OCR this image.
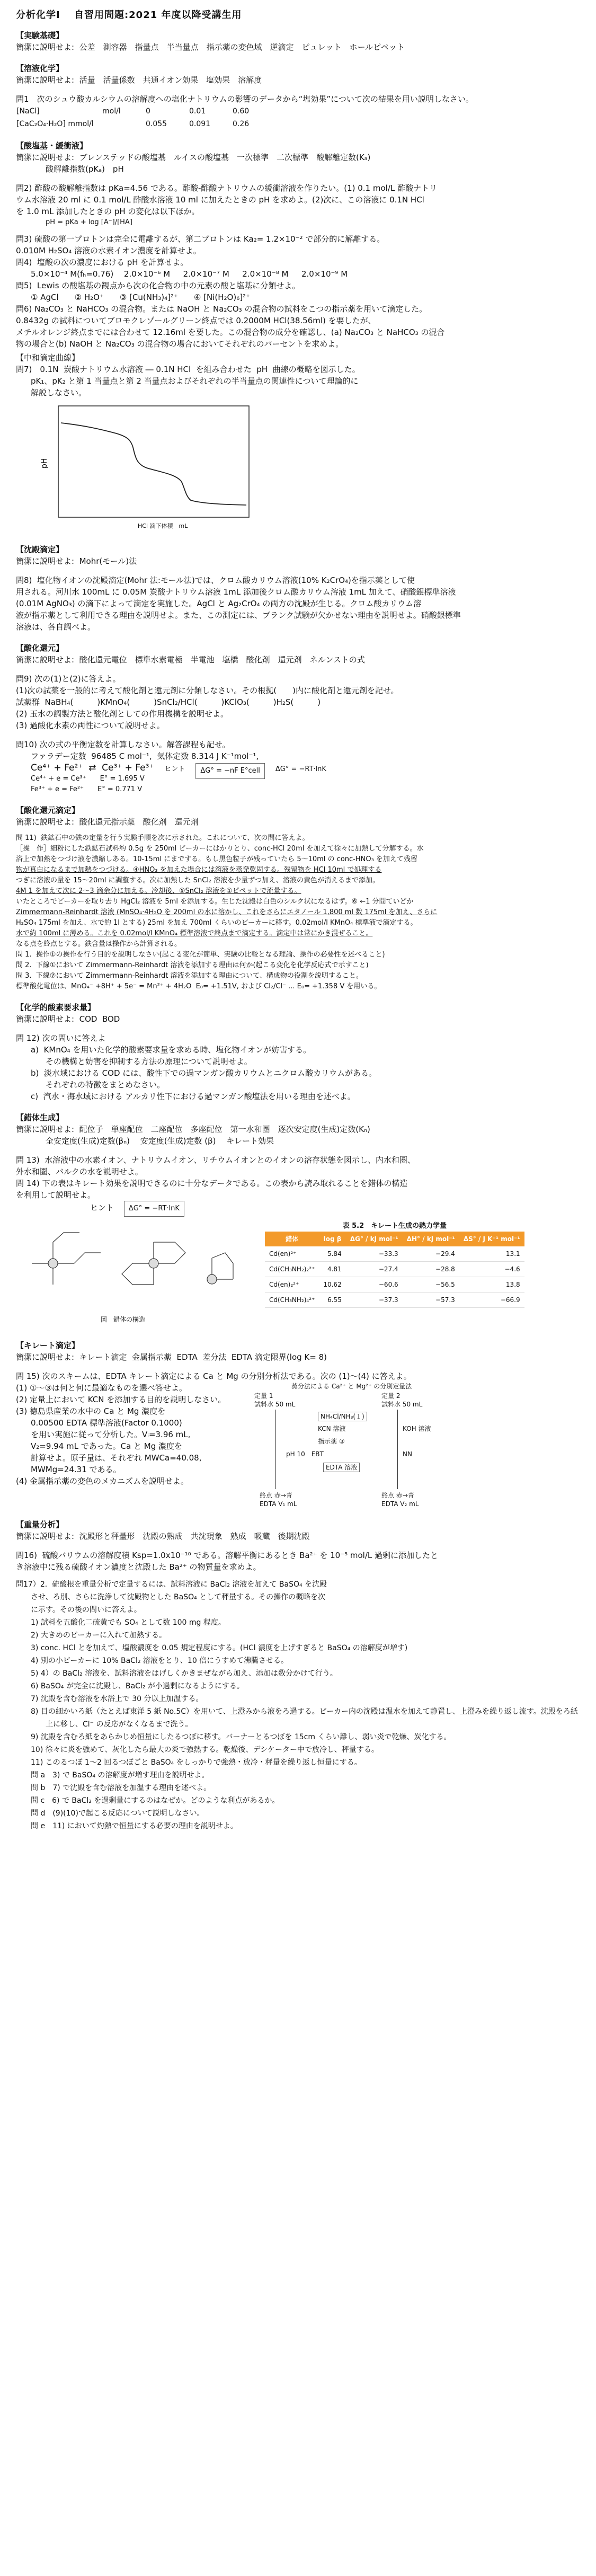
分析化学Ⅰ　 自習用問題:2021 年度以降受講生用
【実験基礎】
簡潔に説明せよ:  公差　測容器　指量点　半当量点　指示薬の変色域　逆滴定　ピュレット　ホールピペット
【溶液化学】
簡潔に説明せよ:  活量　活量係数　共通イオン効果　塩効果　溶解度
問1　次のシュウ酸カルシウムの溶解度への塩化ナトリウムの影響のデータから“塩効果”について次の結果を用い説明しなさい。
[NaCl]	mol/l	0	0.01	0.60
[CaC₂O₄·H₂O] mmol/l		0.055	0.091	0.26
【酸塩基・緩衝液】
簡潔に説明せよ:  ブレンステッドの酸塩基　ルイスの酸塩基　一次標準　二次標準　酸解離定数(Kₐ)
酸解離指数(pKₐ)　pH
問2) 酢酸の酸解離指数は pKa=4.56 である。酢酸-酢酸ナトリウムの緩衝溶液を作りたい。(1) 0.1 mol/L 酢酸ナトリ
ウム水溶液 20 ml に 0.1 mol/L 酢酸水溶液 10 ml に加えたときの pH を求めよ。(2)次に、この溶液に 0.1N HCl
を 1.0 mL 添加したときの pH の変化は以下ほか。
pH = pKa + log [A⁻]/[HA]
問3) 硫酸の第一プロトンは完全に電離するが、第二プロトンは Ka₂= 1.2×10⁻² で部分的に解離する。
0.010M H₂SO₄ 溶液の水素イオン濃度を計算せよ。
問4)  塩酸の次の濃度における pH を計算せよ。
5.0×10⁻⁴ M(fₕ=0.76)　 2.0×10⁻⁶ M 　 2.0×10⁻⁷ M 　 2.0×10⁻⁸ M 　 2.0×10⁻⁹ M
問5)  Lewis の酸塩基の観点から次の化合物の中の元素の酸と塩基に分類せよ。
① AgCl　　② H₂O⁺　　③ [Cu(NH₃)₄]²⁺　　④ [Ni(H₂O)₆]²⁺
問6) Na₂CO₃ と NaHCO₃ の混合物。または NaOH と Na₂CO₃ の混合物の試料をこつの指示薬を用いて滴定した。
0.8432g の試料についてブロモクレゾールグリーン終点では 0.2000M HCl(38.56ml) を要したが、
メチルオレンジ終点までには合わせて 12.16ml を要した。この混合物の成分を確認し、(a) Na₂CO₃ と NaHCO₃ の混合
物の場合と(b) NaOH と Na₂CO₃ の混合物の場合においてそれぞれのパーセントを求めよ。
【中和滴定曲線】
問7)　0.1N  炭酸ナトリウム水溶液 ― 0.1N HCl  を組み合わせた  pH  曲線の概略を図示した。
pK₁、pK₂ と第 1 当量点と第 2 当量点およびそれぞれの半当量点の関連性について理論的に
解説しなさい。
pH
HCl 滴下体積　mL
【沈殿滴定】
簡潔に説明せよ:  Mohr(モール)法
問8)  塩化物イオンの沈殿滴定(Mohr 法:モール法)では、クロム酸カリウム溶液(10% K₂CrO₄)を指示薬として使
用される。河川水 100mL に 0.05M 炭酸ナトリウム溶液 1mL 添加後クロム酸カリウム溶液 1mL 加えて、硝酸銀標準溶液
(0.01M AgNO₃) の滴下によって滴定を実施した。AgCl と Ag₂CrO₄ の両方の沈殿が生じる。クロム酸カリウム溶
液が指示薬として利用できる理由を説明せよ。また、この測定には、ブランク試験が欠かせない理由を説明せよ。硝酸銀標準
溶液は、各自調べよ。
【酸化還元】
簡潔に説明せよ:  酸化還元電位　標準水素電極　半電池　塩橋　酸化剤　還元剤　ネルンストの式
問9) 次の(1)と(2)に答えよ。
(1)次の試薬を一般的に考えて酸化剤と還元剤に分類しなさい。その根拠(　　)内に酸化剤と還元剤を記せ。
試薬群  NaBH₄(　　　)KMnO₄(　　　)SnCl₂/HCl(　　　)KClO₃(　　　)H₂S(　　　)
(2) 玉水の調製方法と酸化剤としての作用機構を説明せよ。
(3) 過酸化水素の両性について説明せよ。
問10) 次の式の平衡定数を計算しなさい。解答課程も記せ。
ファラデー定数  96485 C mol⁻¹,  気体定数 8.314 J K⁻¹mol⁻¹,
Ce⁴⁺ + Fe²⁺  ⇄  Ce³⁺ + Fe³⁺
Ce⁴⁺ + e = Ce³⁺　　E° = 1.695 V
Fe³⁺ + e = Fe²⁺　　E° = 0.771 V
ヒント	ΔG° = −nF E°cell	ΔG° = −RT·lnK
【酸化還元滴定】
簡潔に説明せよ:  酸化還元指示薬　酸化剤　還元剤
問 11)  鉄鉱石中の鉄の定量を行う実験手順を次に示された。これについて、次の問に答えよ。
［操　作］細粉にした鉄鉱石試料約 0.5g を 250ml ビーカーにはかりとり、conc-HCl 20ml を加えて徐々に加熱して分解する。水
浴上で加熱をつづけ液を濃縮しある。10-15ml にまでする。もし黒色粒子が残っていたら 5〜10ml の conc-HNO₃ を加えて残留
物が真白になるまで加熱をつづける。④HNO₃ を加えた場合には溶液を蒸発乾固する。残留物を HCl 10ml で処理する
つぎに溶液の量を 15〜20ml に調整する。次に加熱した SnCl₂ 溶液を少量ずつ加え、溶液の黄色が消えるまで添加。
4M 1 を加えて次に 2〜3 滴余分に加える。冷却後、⑤SnCl₂ 溶液を①ピペットで流量する。
いたところでビーカーを取り去り HgCl₂ 溶液を 5ml を添加する。生じた沈殿は白色のシルク状になるはず。⑥ ←1 分間ていどか
Zimmermann-Reinhardt 溶液 (MnSO₄·4H₂O を 200ml の水に溶かし、これをさらにエタノール 1,800 ml 数 175ml を加え、さらに
H₂SO₄ 175ml を加え、水で約 1l とする) 25ml を加え 700ml くらいのビーカーに移す。0.02mol/l KMnO₄ 標準液で滴定する。
水で約 100ml に薄める。これを 0.02mol/l KMnO₄ 標準溶液で終点まで滴定する。滴定中は常にかき混ぜること。
なる点を終点とする。鉄含量は操作から計算される。
問 1.  操作①の操作を行う目的を説明しなさい(起こる変化が簡単、実験の比較となる理論、操作の必要性を述べること)
問 2.  下線①において Zimmermann-Reinhardt 溶液を添加する理由は何か(起こる変化を化学反応式で示すこと)
問 3.  下線⑦において Zimmermann-Reinhardt 溶液を添加する理由について、構成物の役割を説明すること。
標準酸化電位は、MnO₄⁻ +8H⁺ + 5e⁻ = Mn²⁺ + 4H₂O  E₀= +1.51V, および Cl₂/Cl⁻ ... E₀= +1.358 V を用いる。
【化学的酸素要求量】
簡潔に説明せよ:  COD  BOD
問 12) 次の問いに答えよ
a)  KMnO₄ を用いた化学的酸素要求量を求める時、塩化物イオンが妨害する。
その機構と妨害を抑制する方法の原理について説明せよ。
b)  淡水域における COD には、酸性下での過マンガン酸カリウムとニクロム酸カリウムがある。
それぞれの特徴をまとめなさい。
c)  汽水・海水域における アルカリ性下における過マンガン酸塩法を用いる理由を述べよ。
【錯体生成】
簡潔に説明せよ:  配位子　単座配位　二座配位　多座配位　第一水和圏　逐次安定度(生成)定数(Kₙ)
全安定度(生成)定数(βₙ)　 安定度(生成)定数 (β)　 キレート効果
問 13)  水溶液中の水素イオン、ナトリウムイオン、リチウムイオンとのイオンの溶存状態を図示し、内水和圏、
外水和圏、バルクの水を説明せよ。
問 14) 下の表はキレート効果を説明できるのに十分なデータである。この表から読み取れることを錯体の構造
を利用して説明せよ。
ヒント ΔG° = −RT·lnK
図　錯体の構造
表 5.2　キレート生成の熱力学量
錯体	log β	ΔG° / kJ mol⁻¹	ΔH° / kJ mol⁻¹	ΔS° / J K⁻¹ mol⁻¹
Cd(en)²⁺	5.84	−33.3	−29.4	13.1
Cd(CH₃NH₂)₂²⁺	4.81	−27.4	−28.8	−4.6
Cd(en)₂²⁺	10.62	−60.6	−56.5	13.8
Cd(CH₃NH₂)₄²⁺	6.55	−37.3	−57.3	−66.9
【キレート滴定】
簡潔に説明せよ:  キレート滴定  金属指示薬  EDTA  差分法  EDTA 滴定限界(log K= 8)
問 15) 次のスキームは、EDTA キレート滴定による Ca と Mg の分別分析法である。次の (1)〜(4) に答えよ。
(1) ①〜③は何と何に最適なものを選べ答せよ。
(2) 定量上において KCN を添加する目的を説明しなさい。
(3) 徳島県産業の水中の Ca と Mg 濃度を
0.00500 EDTA 標準溶液(Factor 0.1000)
を用い実施に従って分析した。Vᵢ=3.96 mL,
V₂=9.94 mL であった。Ca と Mg 濃度を
計算せよ。原子量は、それぞれ MWCa=40.08,
MWMg=24.31 である。
(4) 金属指示薬の変色のメカニズムを説明せよ。
蒸分法による Ca²⁺ と Mg²⁺ の分別定量法
定量 1
試料水 50 mL
定量 2
試料水 50 mL
NH₄Cl/NH₃(１)
KCN 溶液	KOH 溶液
指示薬 ③
pH 10　EBT	NN
EDTA 溶液
終点 赤→青
EDTA V₁ mL
終点 赤→青
EDTA V₂ mL
【重量分析】
簡潔に説明せよ:  沈殿形と秤量形　沈殿の熟成　共沈現象　熟成　吸蔵　後期沈殿
問16)  硫酸バリウムの溶解度積 Ksp=1.0x10⁻¹⁰ である。溶解平衡にあるとき Ba²⁺ を 10⁻⁵ mol/L 過剰に添加したと
き溶液中に残る硫酸イオン濃度と沈殿した Ba²⁺ の物質量を求めよ。
問17）2.  硫酸根を重量分析で定量するには、試料溶液に BaCl₂ 溶液を加えて BaSO₄ を沈殿
させ、ろ別、さらに洗浄して沈殿物とした BaSO₄ として秤量する。その操作の概略を次
に示す。その後の問いに答えよ。
1) 試料を五酸化二硫黄でも SO₄ として数 100 mg 程度。
2) 大きめのビーカーに入れて加熱する。
3) conc. HCl とを加えて、塩酸濃度を 0.05 規定程度にする。(HCl 濃度を上げすぎると BaSO₄ の溶解度が増す)
4) 別の小ビーカーに 10% BaCl₂ 溶液をとり、10 倍にうすめて沸騰させる。
5) 4）の BaCl₂ 溶液を、試料溶液をはげしくかきまぜながら加え、添加は数分かけて行う。
6) BaSO₄ が完全に沈殿し、BaCl₂ が小過剰になるようにする。
7) 沈殿を含む溶液を水浴上で 30 分以上加温する。
8) 目の細かいろ紙（たとえば東洋 5 紙 No.5C）を用いて、上澄みから液をろ過する。ビーカー内の沈殿は温水を加えて静置し、上澄みを繰り返し流す。沈殿をろ紙上に移し、Cl⁻ の反応がなくなるまで洗う。
9) 沈殿を含むろ紙をあらかじめ恒量にしたるつぼに移す。バーナーとるつぼを 15cm くらい離し、弱い炎で乾燥、炭化する。
10) 徐々に炎を強めて、灰化したら最大の炎で強熱する。乾燥後、デシケーター中で放冷し、秤量する。
11) このるつぼ 1〜2 回るつぼごと BaSO₄ をしっかりで強熱・放冷・秤量を繰り返し恒量にする。
問 a　3) で BaSO₄ の溶解度が増す理由を説明せよ。
問 b　7) で沈殿を含む溶液を加温する理由を述べよ。
問 c　6) で BaCl₂ を過剰量にするのはなぜか。どのような利点があるか。
問 d　(9)(10)で起こる反応について説明しなさい。
問 e　11) において灼熱で恒量にする必要の理由を説明せよ。
